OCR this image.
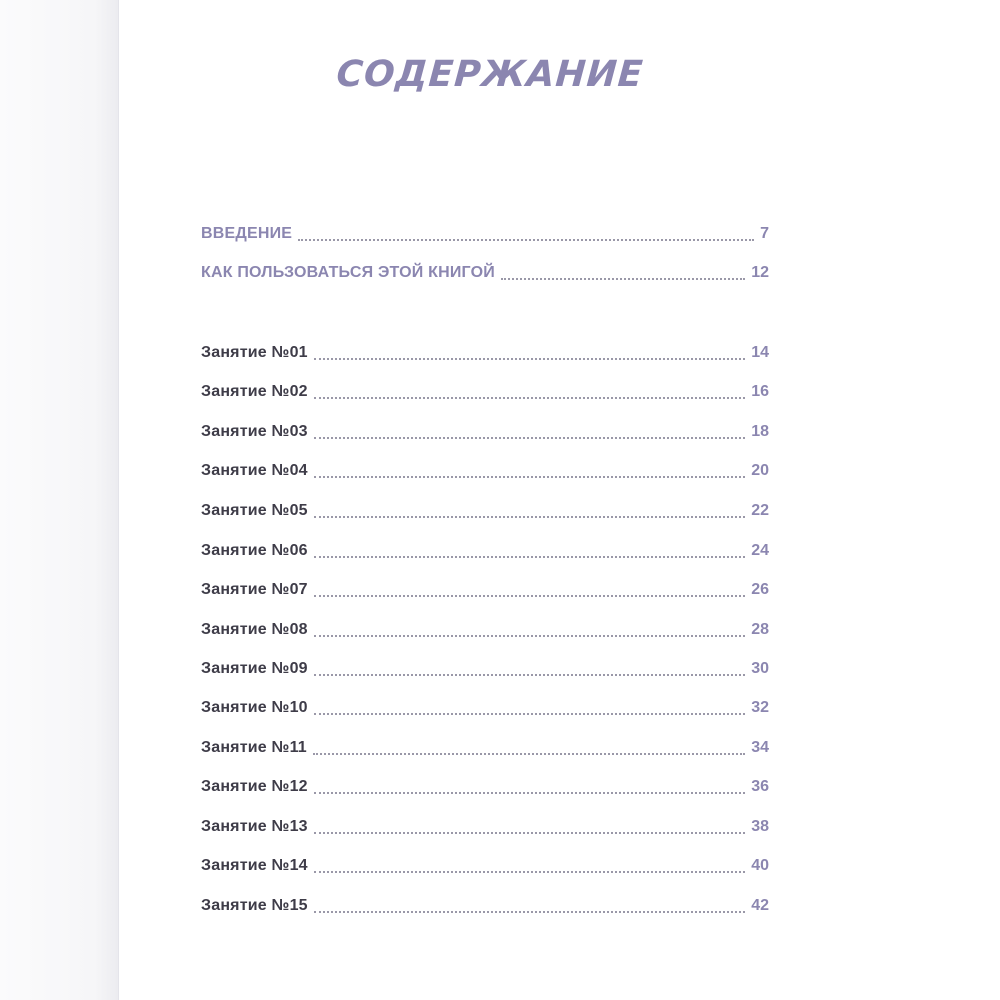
СОДЕРЖАНИЕ
ВВЕДЕНИЕ	7
КАК ПОЛЬЗОВАТЬСЯ ЭТОЙ КНИГОЙ	12
Занятие №01	14
Занятие №02	16
Занятие №03	18
Занятие №04	20
Занятие №05	22
Занятие №06	24
Занятие №07	26
Занятие №08	28
Занятие №09	30
Занятие №10	32
Занятие №11	34
Занятие №12	36
Занятие №13	38
Занятие №14	40
Занятие №15	42
